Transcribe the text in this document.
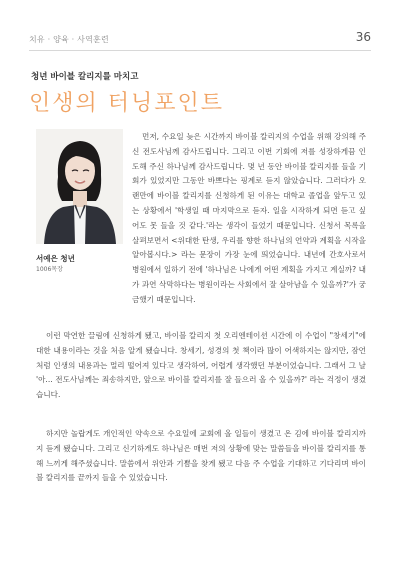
치유 · 양육 · 사역훈련	36
청년 바이블 칼리지를 마치고
인생의 터닝포인트
서예은 청년
1006목장

먼저, 수요일 늦은 시간까지 바이블 칼리지의 수업을 위해 강의해 주신 전도사님께 감사드립니다. 그리고 이번 기회에 저를 성장하게끔 인도해 주신 하나님께 감사드립니다. 몇 년 동안 바이블 칼리지를 들을 기회가 있었지만 그동안 바쁘다는 핑계로 듣지 않았습니다. 그러다가 오랜만에 바이블 칼리지를 신청하게 된 이유는 대학교 졸업을 앞두고 있는 상황에서 '학생일 때 마지막으로 듣자. 일을 시작하게 되면 듣고 싶어도 못 들을 것 같다.'라는 생각이 들었기 때문입니다. 신청서 목록을 살펴보면서 <위대한 탄생, 우리를 향한 하나님의 언약과 계획을 시작을 알아봅시다.> 라는 문장이 가장 눈에 띄었습니다. 내년에 간호사로서 병원에서 일하기 전에 '하나님은 나에게 어떤 계획을 가지고 계실까? 내가 과연 삭막하다는 병원이라는 사회에서 잘 살아남을 수 있을까?'가 궁금했기 때문입니다.

이런 막연한 끌림에 신청하게 됐고, 바이블 칼리지 첫 오리엔테이션 시간에 이 수업이 "창세기"에 대한 내용이라는 것을 처음 알게 됐습니다. 창세기, 성경의 첫 책이라 많이 어색하지는 않지만, 잠언처럼 인생의 내용과는 멀리 떨어져 있다고 생각하여, 어렵게 생각했던 부분이었습니다. 그래서 그 날 '아... 전도사님께는 죄송하지만, 앞으로 바이블 칼리지를 잘 들으러 올 수 있을까?' 라는 걱정이 생겼습니다.

하지만 놀랍게도 개인적인 약속으로 수요일에 교회에 올 일들이 생겼고 온 김에 바이블 칼리지까지 듣게 됐습니다. 그리고 신기하게도 하나님은 매번 저의 상황에 맞는 말씀들을 바이블 칼리지를 통해 느끼게 해주셨습니다. 말씀에서 위안과 기쁨을 찾게 됐고 다음 주 수업을 기대하고 기다리며 바이블 칼리지를 끝까지 들을 수 있었습니다.
